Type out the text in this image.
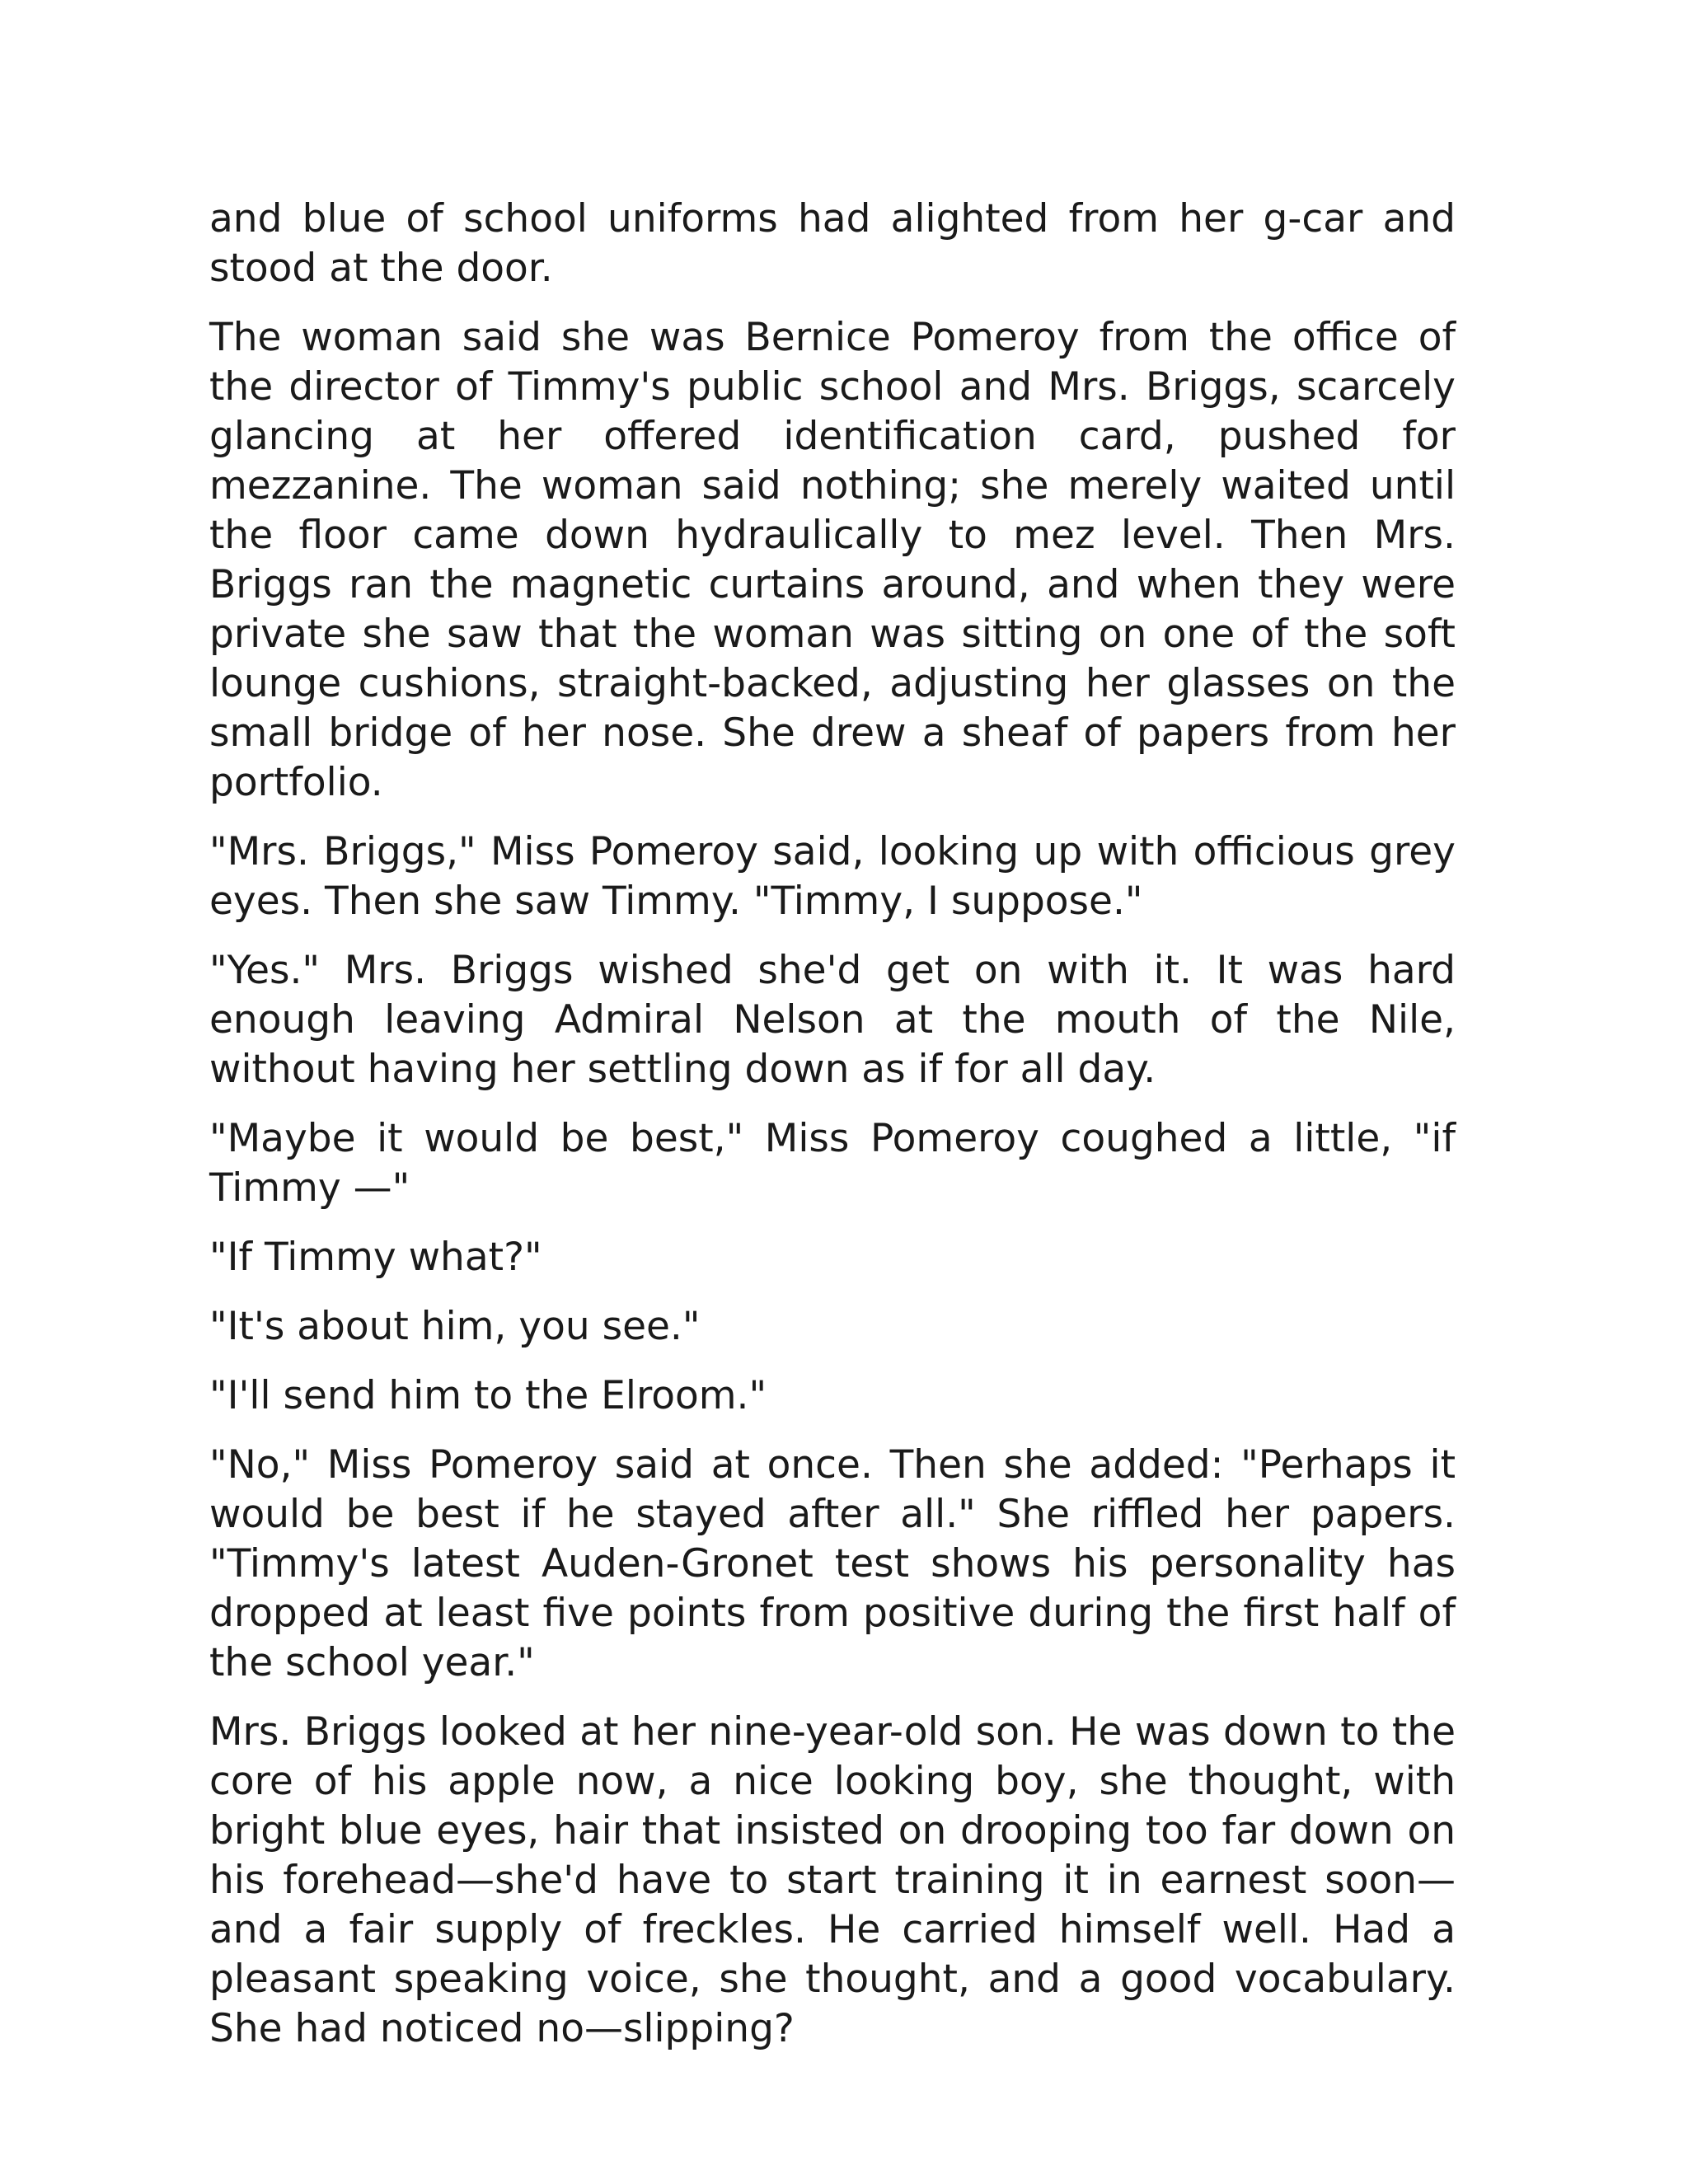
and blue of school uniforms had alighted from her g-car and stood at the door.

The woman said she was Bernice Pomeroy from the office of the director of Timmy's public school and Mrs. Briggs, scarcely glancing at her offered identification card, pushed for mezzanine. The woman said nothing; she merely waited until the floor came down hydraulically to mez level. Then Mrs. Briggs ran the magnetic curtains around, and when they were private she saw that the woman was sitting on one of the soft lounge cushions, straight-backed, adjusting her glasses on the small bridge of her nose. She drew a sheaf of papers from her portfolio.

"Mrs. Briggs," Miss Pomeroy said, looking up with officious grey eyes. Then she saw Timmy. "Timmy, I suppose."

"Yes." Mrs. Briggs wished she'd get on with it. It was hard enough leaving Admiral Nelson at the mouth of the Nile, without having her settling down as if for all day.

"Maybe it would be best," Miss Pomeroy coughed a little, "if Timmy —"

"If Timmy what?"

"It's about him, you see."

"I'll send him to the Elroom."

"No," Miss Pomeroy said at once. Then she added: "Perhaps it would be best if he stayed after all." She riffled her papers. "Timmy's latest Auden-Gronet test shows his personality has dropped at least five points from positive during the first half of the school year."

Mrs. Briggs looked at her nine-year-old son. He was down to the core of his apple now, a nice looking boy, she thought, with bright blue eyes, hair that insisted on drooping too far down on his forehead—she'd have to start training it in earnest soon—and a fair supply of freckles. He carried himself well. Had a pleasant speaking voice, she thought, and a good vocabulary. She had noticed no—slipping?
